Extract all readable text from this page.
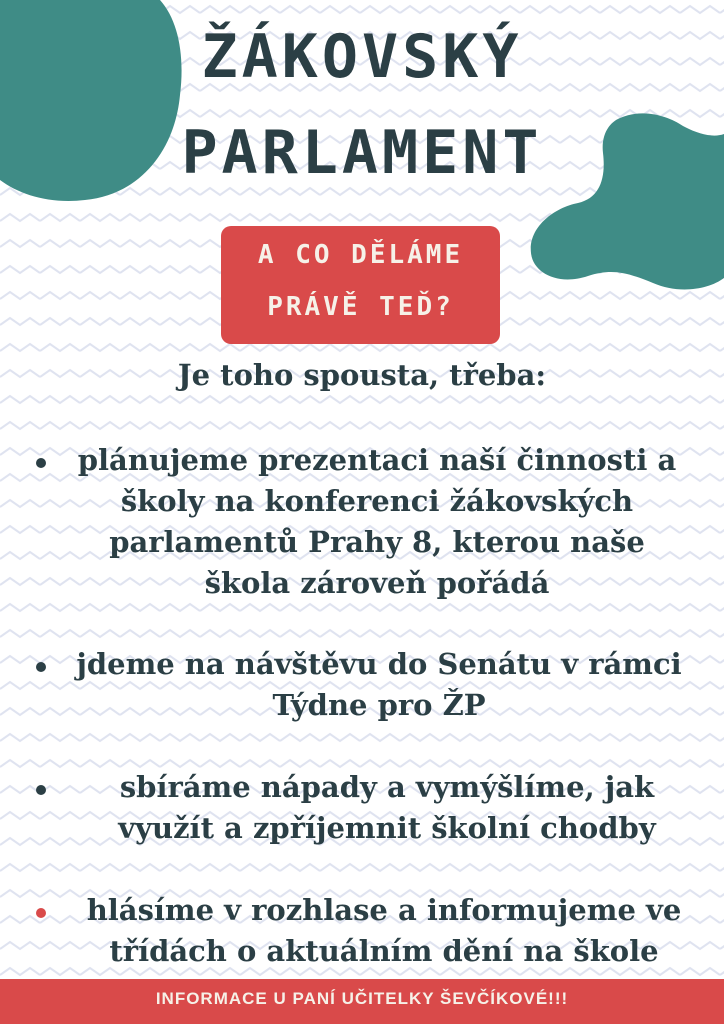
ŽÁKOVSKÝ
PARLAMENT
A CO DĚLÁME
PRÁVĚ TEĎ?
Je toho spousta, třeba:
plánujeme prezentaci naší činnosti a
školy na konferenci žákovských
parlamentů Prahy 8, kterou naše
škola zároveň pořádá
jdeme na návštěvu do Senátu v rámci
Týdne pro ŽP
sbíráme nápady a vymýšlíme, jak
využít a zpříjemnit školní chodby
hlásíme v rozhlase a informujeme ve
třídách o aktuálním dění na škole
INFORMACE U PANÍ UČITELKY ŠEVČÍKOVÉ!!!
